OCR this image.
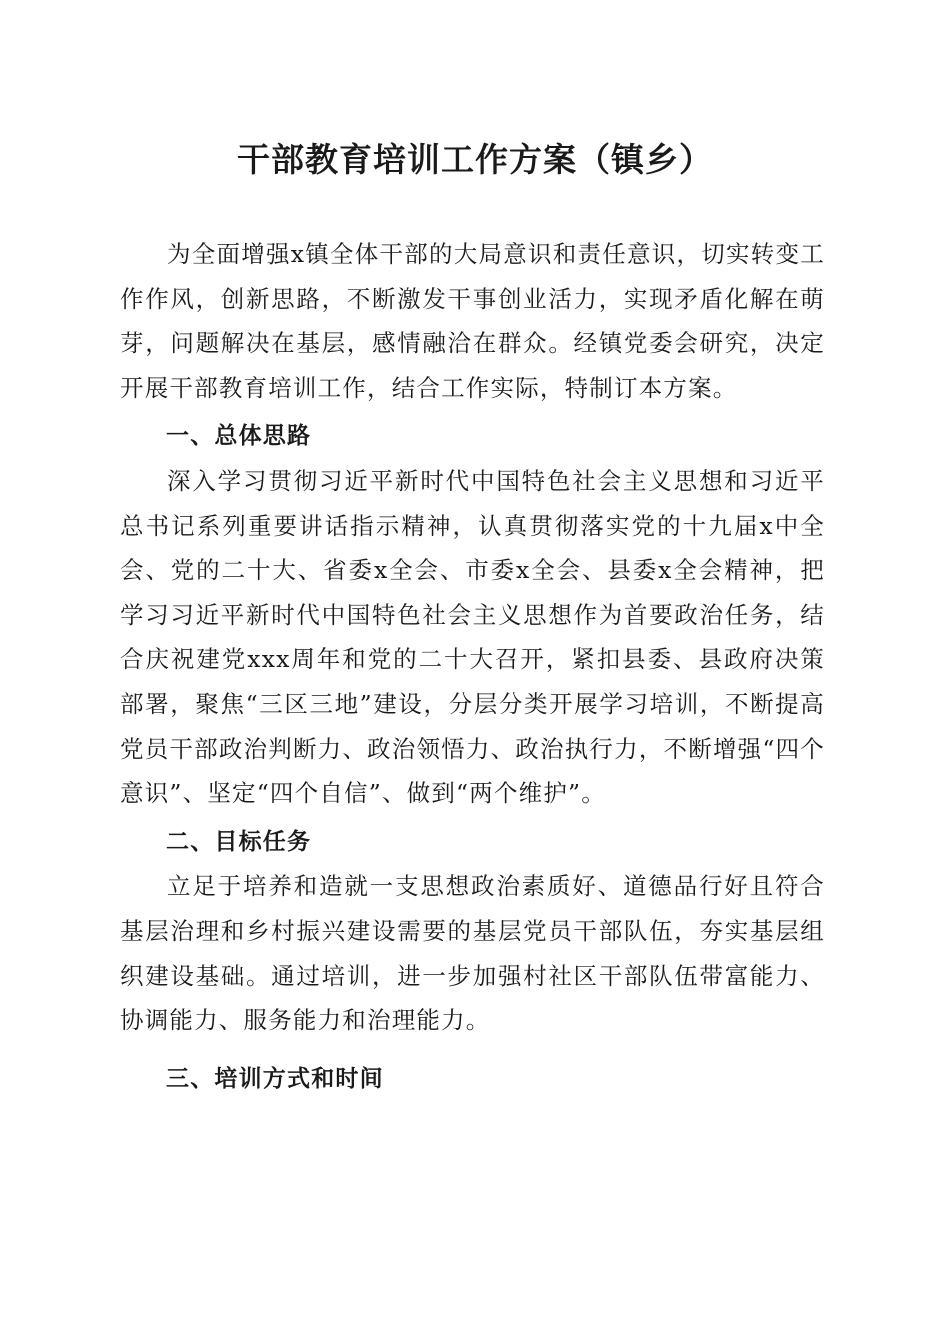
干部教育培训工作方案（镇乡）

为全面增强x镇全体干部的大局意识和责任意识，切实转变工作作风，创新思路，不断激发干事创业活力，实现矛盾化解在萌芽，问题解决在基层，感情融洽在群众。经镇党委会研究，决定开展干部教育培训工作，结合工作实际，特制订本方案。

一、总体思路

深入学习贯彻习近平新时代中国特色社会主义思想和习近平总书记系列重要讲话指示精神，认真贯彻落实党的十九届x中全会、党的二十大、省委x全会、市委x全会、县委x全会精神，把学习习近平新时代中国特色社会主义思想作为首要政治任务，结合庆祝建党xxx周年和党的二十大召开，紧扣县委、县政府决策部署，聚焦“三区三地”建设，分层分类开展学习培训，不断提高党员干部政治判断力、政治领悟力、政治执行力，不断增强“四个意识”、坚定“四个自信”、做到“两个维护”。

二、目标任务

立足于培养和造就一支思想政治素质好、道德品行好且符合基层治理和乡村振兴建设需要的基层党员干部队伍，夯实基层组织建设基础。通过培训，进一步加强村社区干部队伍带富能力、协调能力、服务能力和治理能力。

三、培训方式和时间
